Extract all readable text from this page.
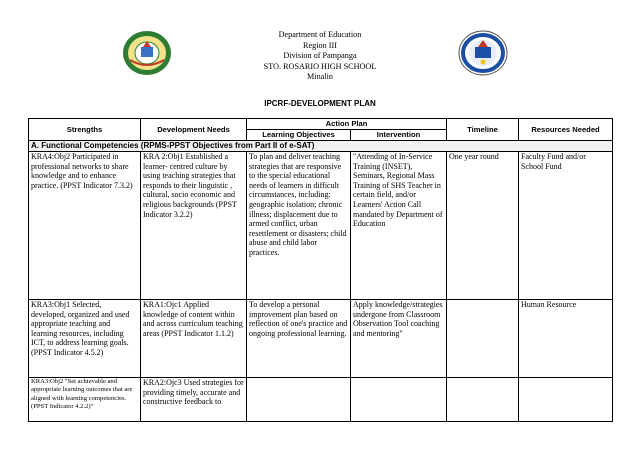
Department of Education
Region III
Division of Pampanga
STO. ROSARIO HIGH SCHOOL
Minalin
IPCRF-DEVELOPMENT PLAN
Strengths	Development Needs	Action Plan		Timeline	Resources Needed
		Learning Objectives	Intervention		
A. Functional Competencies (RPMS-PPST Objectives from Part II of e-SAT)					
KRA4:Obj2 Participated in professional networks to share knowledge and to enhance practice. (PPST Indicator 7.3.2)	KRA 2:Obj1 Established a learner- centred culture by using teaching strategies that responds to their linguistic , cultural, socio economic and religious backgrounds (PPST Indicator 3.2.2)	To plan and deliver teaching strategies that are responsive to the special educational needs of learners in difficult circumstances, including: geographic isolation; chronic illness; displacement due to armed conflict, urban resettlement or disasters; child abuse and child labor practices.	"Attending of In-Service Training (INSET), Seminars, Regional Mass Training of SHS Teacher in certain field, and/or Learners' Action Call mandated by Department of Education	One year round	Faculty Fund and/or School Fund
KRA3:Obj1 Selected, developed, organized and used appropriate teaching and learning resources, including ICT, to address learning goals. (PPST Indicator 4.5.2)	KRA1:Ojc1 Applied knowledge of content within and across curriculum teaching areas (PPST Indicator 1.1.2)	To develop a personal improvement plan based on reflection of one's practice and ongoing professional learning.	Apply knowledge/strategies undergone from Classroom Observation Tool coaching and mentoring"		Human Resource
KRA3:Obj2 "Set achievable and appropriate learning outcomes that are aligned with learning competencies. (PPST Indicator 4.2.2)"	KRA2:Ojc3 Used strategies for providing timely, accurate and constructive feedback to				
